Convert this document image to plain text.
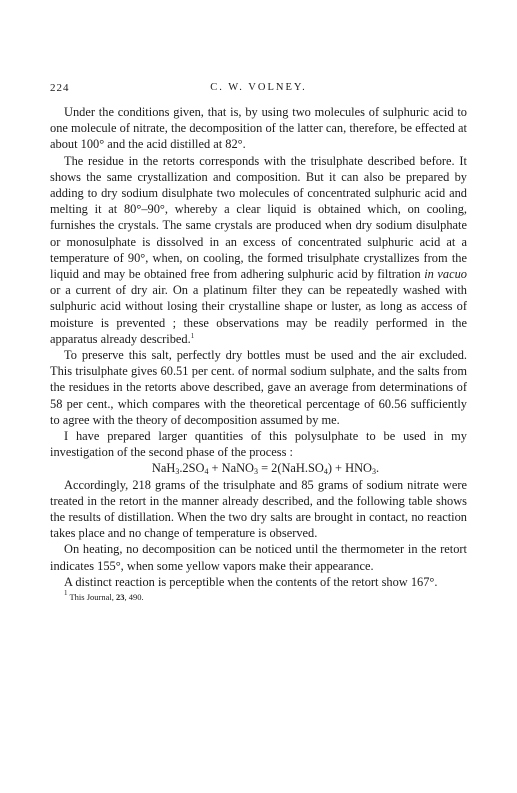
224	C. W. VOLNEY.

Under the conditions given, that is, by using two molecules of sulphuric acid to one molecule of nitrate, the decomposition of the latter can, therefore, be effected at about 100° and the acid distilled at 82°.

The residue in the retorts corresponds with the trisulphate described before. It shows the same crystallization and composition. But it can also be prepared by adding to dry sodium disulphate two molecules of concentrated sulphuric acid and melting it at 80°–90°, whereby a clear liquid is obtained which, on cooling, furnishes the crystals. The same crystals are produced when dry sodium disulphate or monosulphate is dissolved in an excess of concentrated sulphuric acid at a temperature of 90°, when, on cooling, the formed trisulphate crystallizes from the liquid and may be obtained free from adhering sulphuric acid by filtration in vacuo or a current of dry air. On a platinum filter they can be repeatedly washed with sulphuric acid without losing their crystalline shape or luster, as long as access of moisture is prevented ; these observations may be readily performed in the apparatus already described.$^1$

To preserve this salt, perfectly dry bottles must be used and the air excluded. This trisulphate gives 60.51 per cent. of normal sodium sulphate, and the salts from the residues in the retorts above described, gave an average from determinations of 58 per cent., which compares with the theoretical percentage of 60.56 sufficiently to agree with the theory of decomposition assumed by me.

I have prepared larger quantities of this polysulphate to be used in my investigation of the second phase of the process :

$NaH_3.2SO_4$ + NaNO$_3$ = $2(NaH.SO_4) + HNO_3$.

Accordingly, 218 grams of the trisulphate and 85 grams of sodium nitrate were treated in the retort in the manner already described, and the following table shows the results of distillation. When the two dry salts are brought in contact, no reaction takes place and no change of temperature is observed.

On heating, no decomposition can be noticed until the thermometer in the retort indicates 155°, when some yellow vapors make their appearance.

A distinct reaction is perceptible when the contents of the retort show 167°.

$^1$ This Journal, 23, 490.
